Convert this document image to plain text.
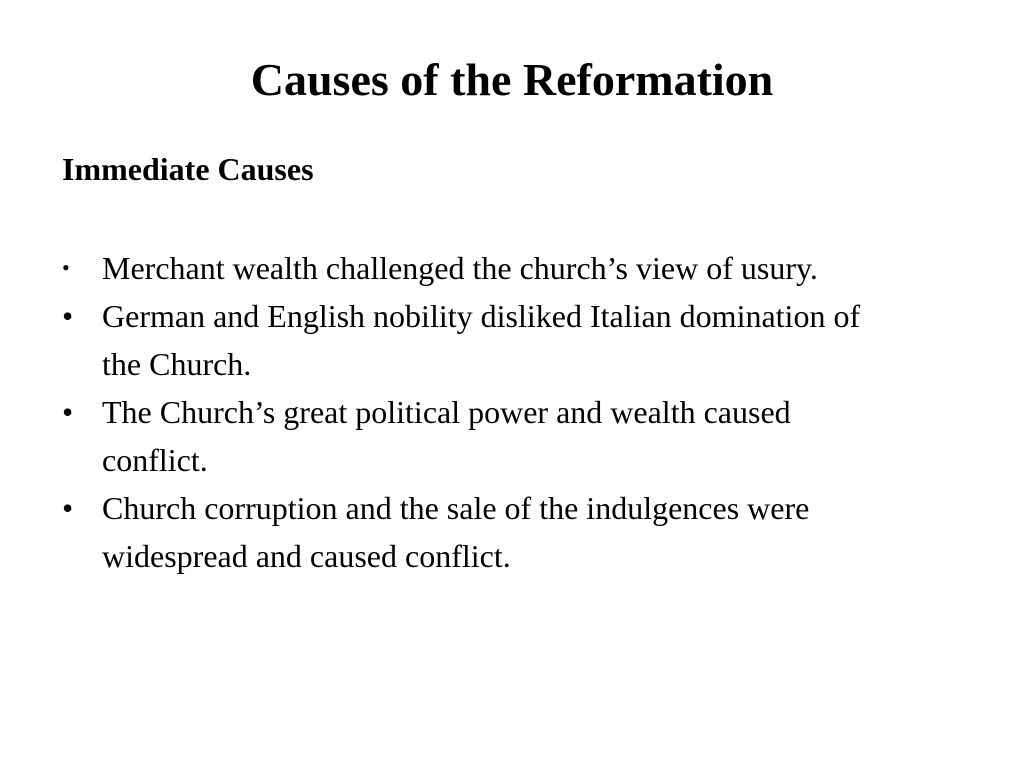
Causes of the Reformation
Immediate Causes
•	Merchant wealth challenged the church’s view of usury.
• German and English nobility disliked Italian domination of the Church.
• The Church’s great political power and wealth caused conflict.
• Church corruption and the sale of the indulgences were widespread and caused conflict.
